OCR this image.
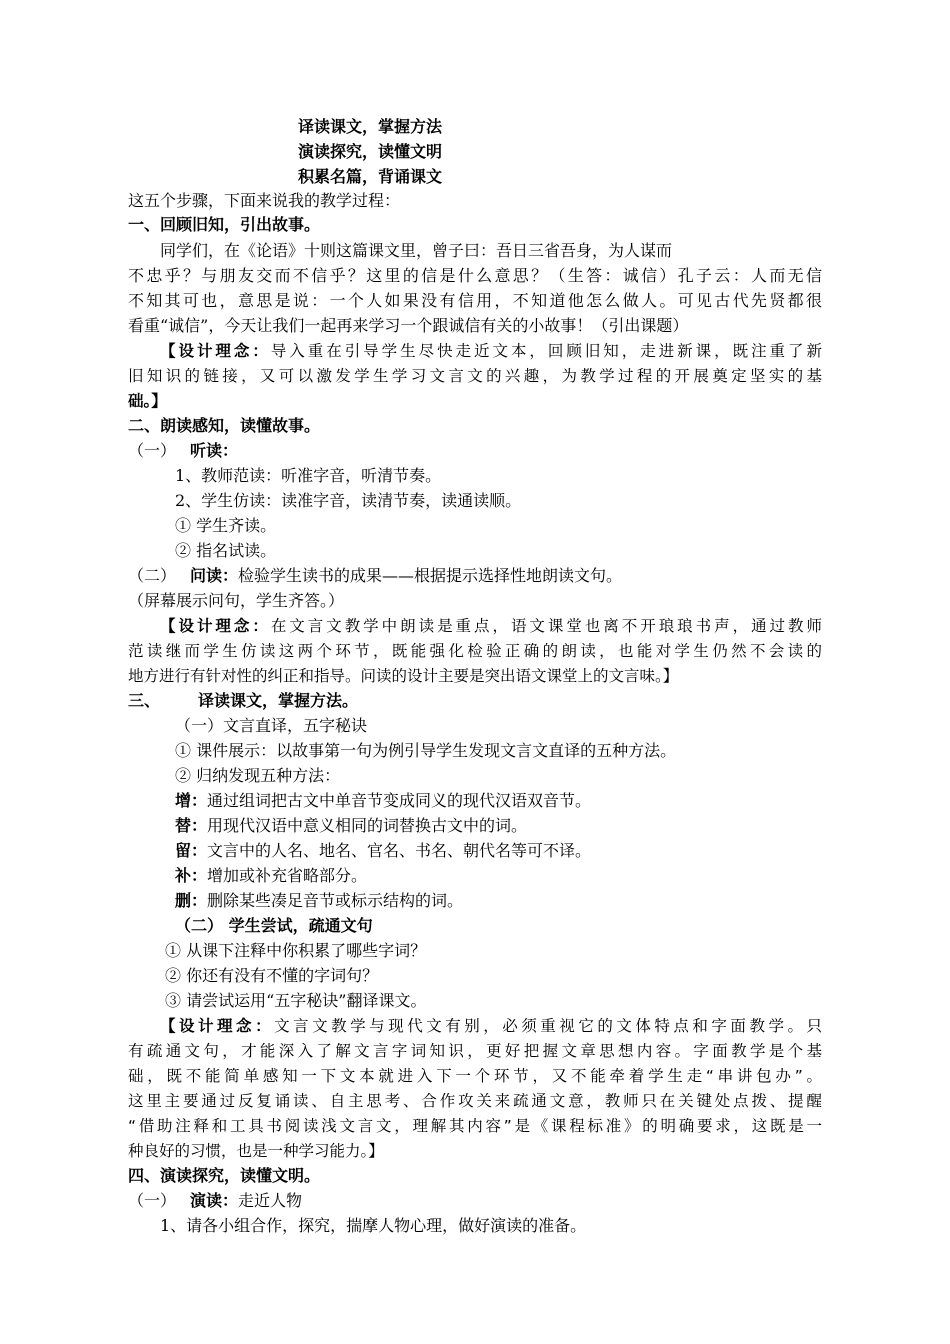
译读课文，掌握方法
演读探究，读懂文明
积累名篇，背诵课文
这五个步骤，下面来说我的教学过程：
一、回顾旧知，引出故事。
同学们，在《论语》十则这篇课文里，曾子曰：吾日三省吾身，为人谋而
不忠乎？与朋友交而不信乎？这里的信是什么意思？（生答：诚信）孔子云：人而无信
不知其可也，意思是说：一个人如果没有信用，不知道他怎么做人。可见古代先贤都很
看重“诚信”，今天让我们一起再来学习一个跟诚信有关的小故事！（引出课题）
【设计理念：导入重在引导学生尽快走近文本，回顾旧知，走进新课，既注重了新
旧知识的链接，又可以激发学生学习文言文的兴趣，为教学过程的开展奠定坚实的基
础。】
二、朗读感知，读懂故事。
（一） 听读：
1、教师范读：听准字音，听清节奏。
2、学生仿读：读准字音，读清节奏，读通读顺。
① 学生齐读。
② 指名试读。
（二） 问读：检验学生读书的成果——根据提示选择性地朗读文句。
（屏幕展示问句，学生齐答。）
【设计理念：在文言文教学中朗读是重点，语文课堂也离不开琅琅书声，通过教师
范读继而学生仿读这两个环节，既能强化检验正确的朗读，也能对学生仍然不会读的
地方进行有针对性的纠正和指导。问读的设计主要是突出语文课堂上的文言味。】
三、 译读课文，掌握方法。
（一）文言直译，五字秘诀
① 课件展示：以故事第一句为例引导学生发现文言文直译的五种方法。
② 归纳发现五种方法：
增：通过组词把古文中单音节变成同义的现代汉语双音节。
替：用现代汉语中意义相同的词替换古文中的词。
留：文言中的人名、地名、官名、书名、朝代名等可不译。
补：增加或补充省略部分。
删：删除某些凑足音节或标示结构的词。
（二） 学生尝试，疏通文句
① 从课下注释中你积累了哪些字词？
② 你还有没有不懂的字词句？
③ 请尝试运用“五字秘诀”翻译课文。
【设计理念：文言文教学与现代文有别，必须重视它的文体特点和字面教学。只
有疏通文句，才能深入了解文言字词知识，更好把握文章思想内容。字面教学是个基
础，既不能简单感知一下文本就进入下一个环节，又不能牵着学生走“串讲包办”。
这里主要通过反复诵读、自主思考、合作攻关来疏通文意，教师只在关键处点拨、提醒
“借助注释和工具书阅读浅文言文，理解其内容”是《课程标准》的明确要求，这既是一
种良好的习惯，也是一种学习能力。】
四、演读探究，读懂文明。
（一） 演读：走近人物
1、请各小组合作，探究，揣摩人物心理，做好演读的准备。
